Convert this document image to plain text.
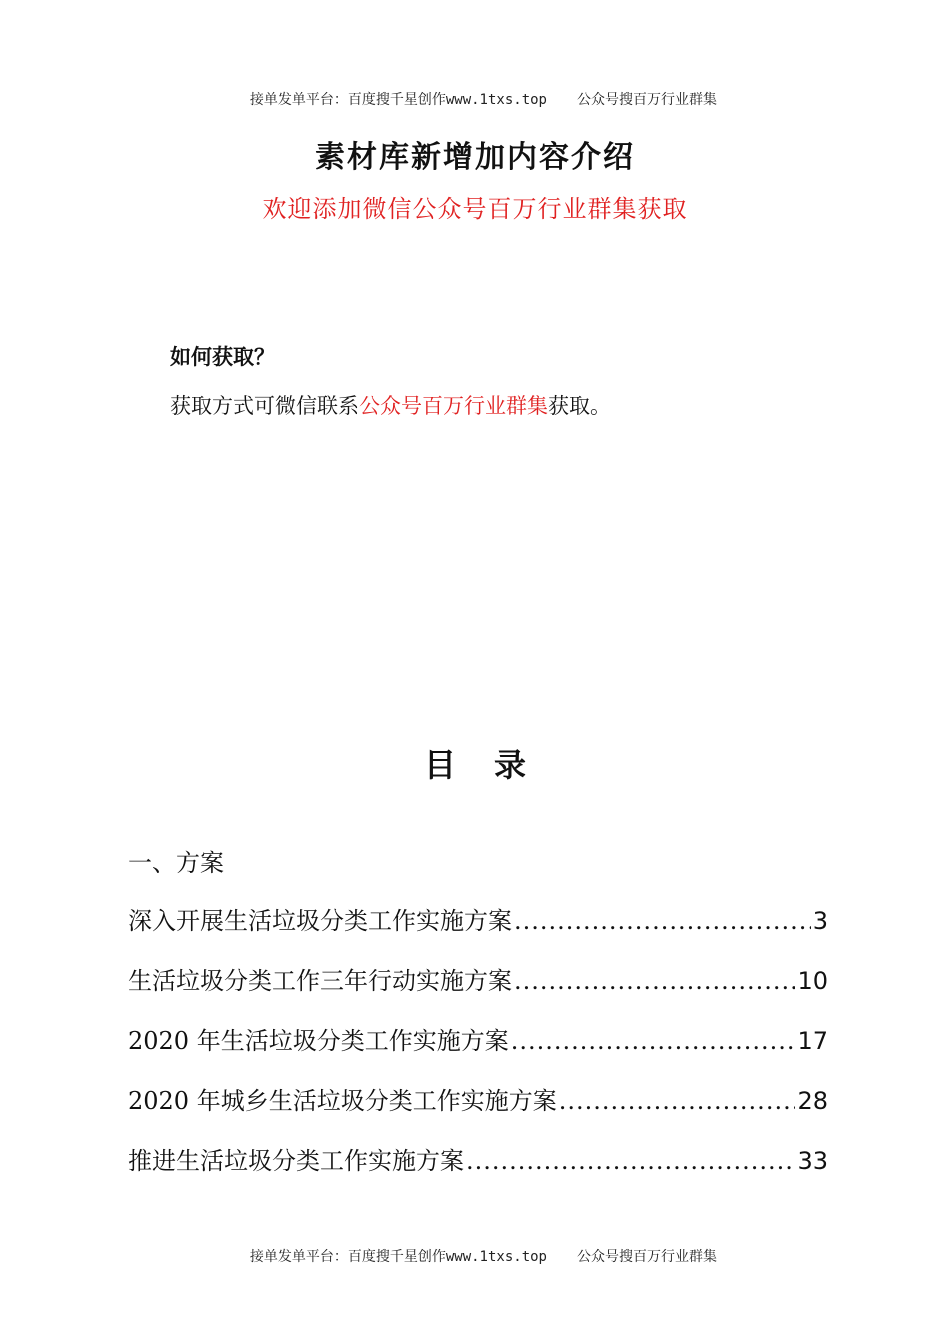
接单发单平台：百度搜千星创作www.1txs.top 公众号搜百万行业群集

素材库新增加内容介绍
欢迎添加微信公众号百万行业群集获取
如何获取？
获取方式可微信联系公众号百万行业群集获取。
目录
一、方案
深入开展生活垃圾分类工作实施方案 .....	3
生活垃圾分类工作三年行动实施方案 .....	10
2020 年生活垃圾分类工作实施方案 .....	17
2020 年城乡生活垃圾分类工作实施方案 .....	28
推进生活垃圾分类工作实施方案 .....	33

接单发单平台：百度搜千星创作www.1txs.top 公众号搜百万行业群集
